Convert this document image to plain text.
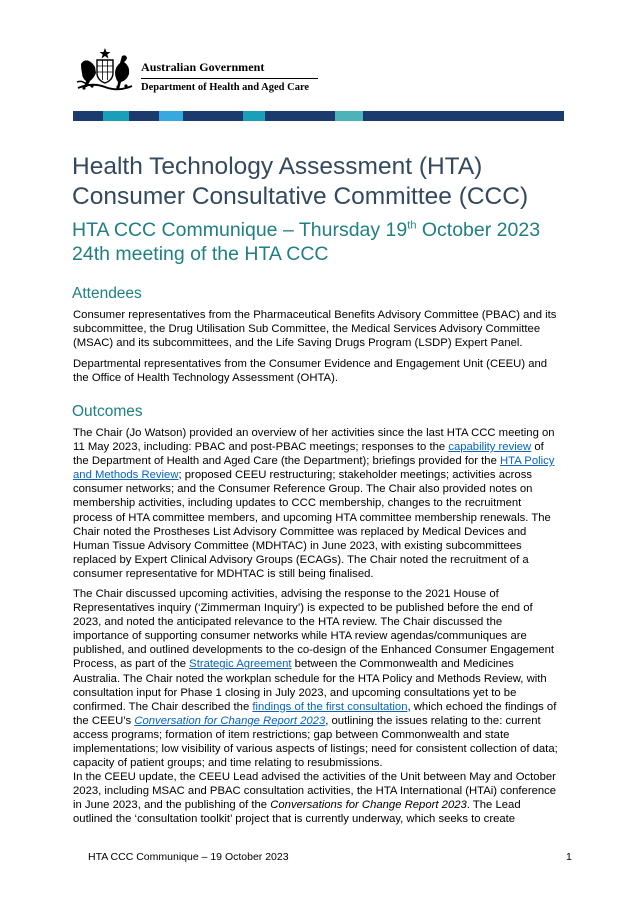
Australian Government
Department of Health and Aged Care
Health Technology Assessment (HTA)
Consumer Consultative Committee (CCC)
HTA CCC Communique – Thursday 19th October 2023
24th meeting of the HTA CCC
Attendees
Consumer representatives from the Pharmaceutical Benefits Advisory Committee (PBAC) and its
subcommittee, the Drug Utilisation Sub Committee, the Medical Services Advisory Committee
(MSAC) and its subcommittees, and the Life Saving Drugs Program (LSDP) Expert Panel.
Departmental representatives from the Consumer Evidence and Engagement Unit (CEEU) and
the Office of Health Technology Assessment (OHTA).
Outcomes
The Chair (Jo Watson) provided an overview of her activities since the last HTA CCC meeting on
11 May 2023, including: PBAC and post-PBAC meetings; responses to the capability review of
the Department of Health and Aged Care (the Department); briefings provided for the HTA Policy
and Methods Review; proposed CEEU restructuring; stakeholder meetings; activities across
consumer networks; and the Consumer Reference Group. The Chair also provided notes on
membership activities, including updates to CCC membership, changes to the recruitment
process of HTA committee members, and upcoming HTA committee membership renewals. The
Chair noted the Prostheses List Advisory Committee was replaced by Medical Devices and
Human Tissue Advisory Committee (MDHTAC) in June 2023, with existing subcommittees
replaced by Expert Clinical Advisory Groups (ECAGs). The Chair noted the recruitment of a
consumer representative for MDHTAC is still being finalised.
The Chair discussed upcoming activities, advising the response to the 2021 House of
Representatives inquiry (‘Zimmerman Inquiry’) is expected to be published before the end of
2023, and noted the anticipated relevance to the HTA review. The Chair discussed the
importance of supporting consumer networks while HTA review agendas/communiques are
published, and outlined developments to the co-design of the Enhanced Consumer Engagement
Process, as part of the Strategic Agreement between the Commonwealth and Medicines
Australia. The Chair noted the workplan schedule for the HTA Policy and Methods Review, with
consultation input for Phase 1 closing in July 2023, and upcoming consultations yet to be
confirmed. The Chair described the findings of the first consultation, which echoed the findings of
the CEEU’s Conversation for Change Report 2023, outlining the issues relating to the: current
access programs; formation of item restrictions; gap between Commonwealth and state
implementations; low visibility of various aspects of listings; need for consistent collection of data;
capacity of patient groups; and time relating to resubmissions.
In the CEEU update, the CEEU Lead advised the activities of the Unit between May and October
2023, including MSAC and PBAC consultation activities, the HTA International (HTAi) conference
in June 2023, and the publishing of the Conversations for Change Report 2023. The Lead
outlined the ‘consultation toolkit’ project that is currently underway, which seeks to create
HTA CCC Communique – 19 October 2023	1
